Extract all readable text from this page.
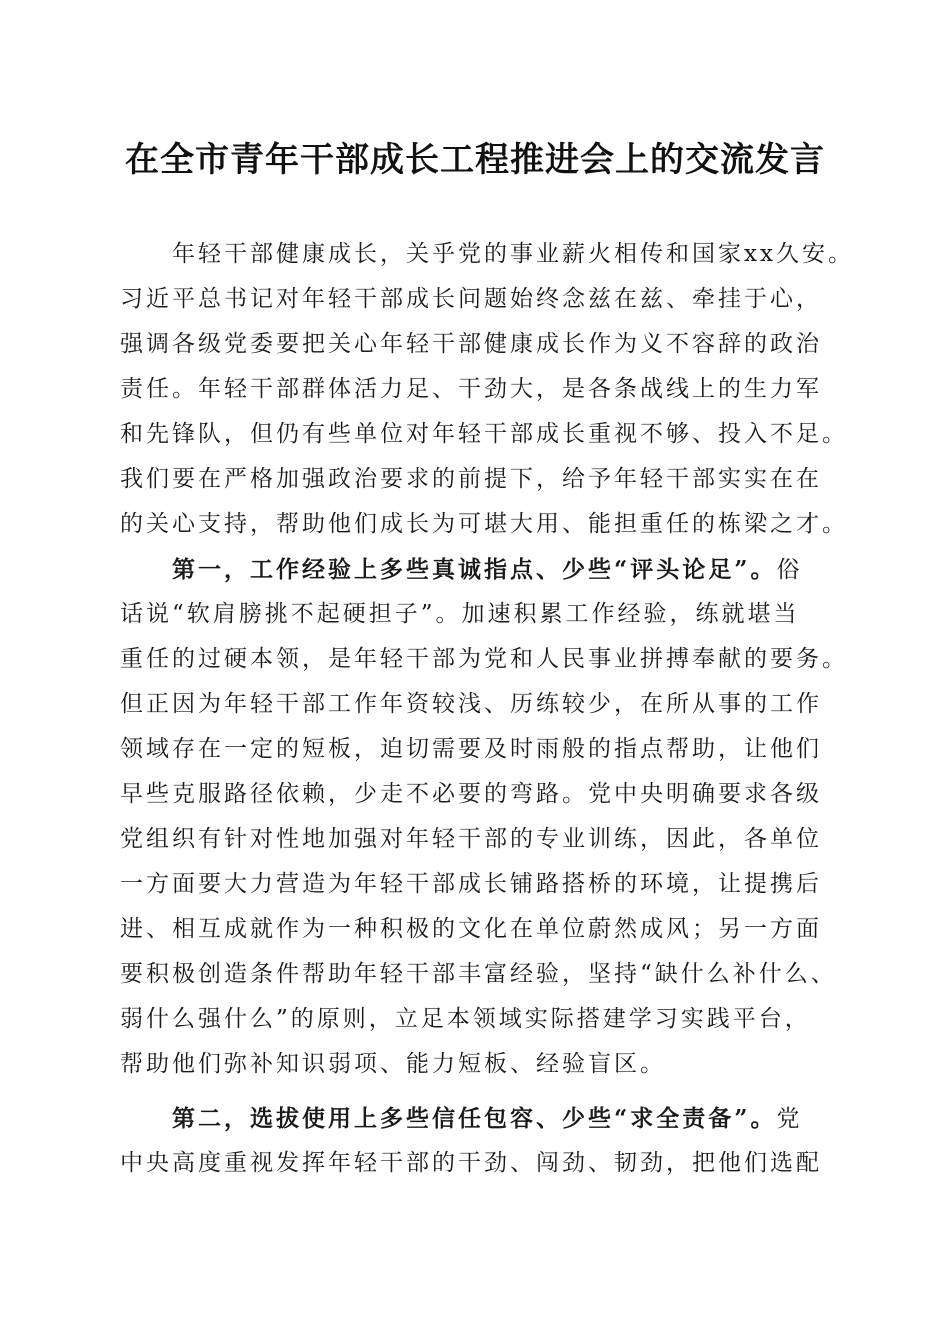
在全市青年干部成长工程推进会上的交流发言
年轻干部健康成长，关乎党的事业薪火相传和国家xx久安。
习近平总书记对年轻干部成长问题始终念兹在兹、牵挂于心，
强调各级党委要把关心年轻干部健康成长作为义不容辞的政治
责任。年轻干部群体活力足、干劲大，是各条战线上的生力军
和先锋队，但仍有些单位对年轻干部成长重视不够、投入不足。
我们要在严格加强政治要求的前提下，给予年轻干部实实在在
的关心支持，帮助他们成长为可堪大用、能担重任的栋梁之才。
第一，工作经验上多些真诚指点、少些“评头论足”。俗
话说“软肩膀挑不起硬担子”。加速积累工作经验，练就堪当
重任的过硬本领，是年轻干部为党和人民事业拼搏奉献的要务。
但正因为年轻干部工作年资较浅、历练较少，在所从事的工作
领域存在一定的短板，迫切需要及时雨般的指点帮助，让他们
早些克服路径依赖，少走不必要的弯路。党中央明确要求各级
党组织有针对性地加强对年轻干部的专业训练，因此，各单位
一方面要大力营造为年轻干部成长铺路搭桥的环境，让提携后
进、相互成就作为一种积极的文化在单位蔚然成风；另一方面
要积极创造条件帮助年轻干部丰富经验，坚持“缺什么补什么、
弱什么强什么”的原则，立足本领域实际搭建学习实践平台，
帮助他们弥补知识弱项、能力短板、经验盲区。
第二，选拔使用上多些信任包容、少些“求全责备”。党
中央高度重视发挥年轻干部的干劲、闯劲、韧劲，把他们选配
